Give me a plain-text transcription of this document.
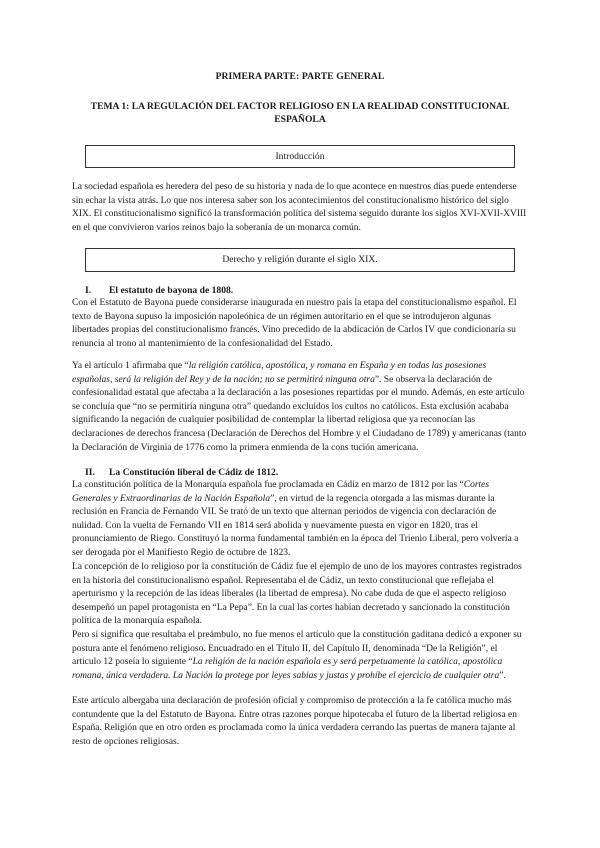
PRIMERA PARTE: PARTE GENERAL
TEMA 1: LA REGULACIÓN DEL FACTOR RELIGIOSO EN LA REALIDAD CONSTITUCIONAL ESPAÑOLA
Introducción

La sociedad española es heredera del peso de su historia y nada de lo que acontece en nuestros días puede entenderse sin echar la vista atrás. Lo que nos interesa saber son los acontecimientos del constitucionalismo histórico del siglo XIX. El constitucionalismo significó la transformación política del sistema seguido durante los siglos XVI-XVII-XVIII en el que convivieron varios reinos bajo la soberanía de un monarca común.

Derecho y religión durante el siglo XIX.
I. El estatuto de bayona de 1808.

Con el Estatuto de Bayona puede considerarse inaugurada en nuestro país la etapa del constitucionalismo español. El texto de Bayona supuso la imposición napoleónica de un régimen autoritario en el que se introdujeron algunas libertades propias del constitucionalismo francés. Vino precedido de la abdicación de Carlos IV que condicionaría su renuncia al trono al mantenimiento de la confesionalidad del Estado.

Ya el artículo 1 afirmaba que “la religión católica, apostólica, y romana en España y en todas las posesiones españolas, será la religión del Rey y de la nación; no se permitirá ninguna otra”. Se observa la declaración de confesionalidad estatal que afectaba a la declaración a las posesiones repartidas por el mundo. Además, en este artículo se concluía que “no se permitiría ninguna otra” quedando excluidos los cultos no católicos. Esta exclusión acababa significando la negación de cualquier posibilidad de contemplar la libertad religiosa que ya reconocían las declaraciones de derechos francesa (Declaración de Derechos del Hombre y el Ciudadano de 1789) y americanas (tanto la Declaración de Virginia de 1776 como la primera enmienda de la cons tución americana.

II. La Constitución liberal de Cádiz de 1812.

La constitución política de la Monarquía española fue proclamada en Cádiz en marzo de 1812 por las “Cortes Generales y Extraordinarias de la Nación Española”, en virtud de la regencia otorgada a las mismas durante la reclusión en Francia de Fernando VII. Se trató de un texto que alternan periodos de vigencia con declaración de nulidad. Con la vuelta de Fernando VII en 1814 será abolida y nuevamente puesta en vigor en 1820, tras el pronunciamiento de Riego. Constituyó la norma fundamental también en la época del Trienio Liberal, pero volvería a ser derogada por el Manifiesto Regio de octubre de 1823.

La concepción de lo religioso por la constitución de Cádiz fue el ejemplo de uno de los mayores contrastes registrados en la historia del constitucionalismo español. Representaba el de Cádiz, un texto constitucional que reflejaba el aperturismo y la recepción de las ideas liberales (la libertad de empresa). No cabe duda de que el aspecto religioso desempeñó un papel protagonista en “La Pepa”. En la cual las cortes habían decretado y sancionado la constitución política de la monarquía española.

Pero sí significa que resultaba el preámbulo, no fue menos el artículo que la constitución gaditana dedicó a exponer su postura ante el fenómeno religioso. Encuadrado en el Título II, del Capítulo II, denominada “De la Religión”, el artículo 12 poseía lo siguiente “La religión de la nación española es y será perpetuamente la católica, apostólica romana, única verdadera. La Nación la protege por leyes sabias y justas y prohíbe el ejercicio de cualquier otra”.

Este artículo albergaba una declaración de profesión oficial y compromiso de protección a la fe católica mucho más contundente que la del Estatuto de Bayona. Entre otras razones porque hipotecaba el futuro de la libertad religiosa en España. Religión que en otro orden es proclamada como la única verdadera cerrando las puertas de manera tajante al resto de opciones religiosas.
